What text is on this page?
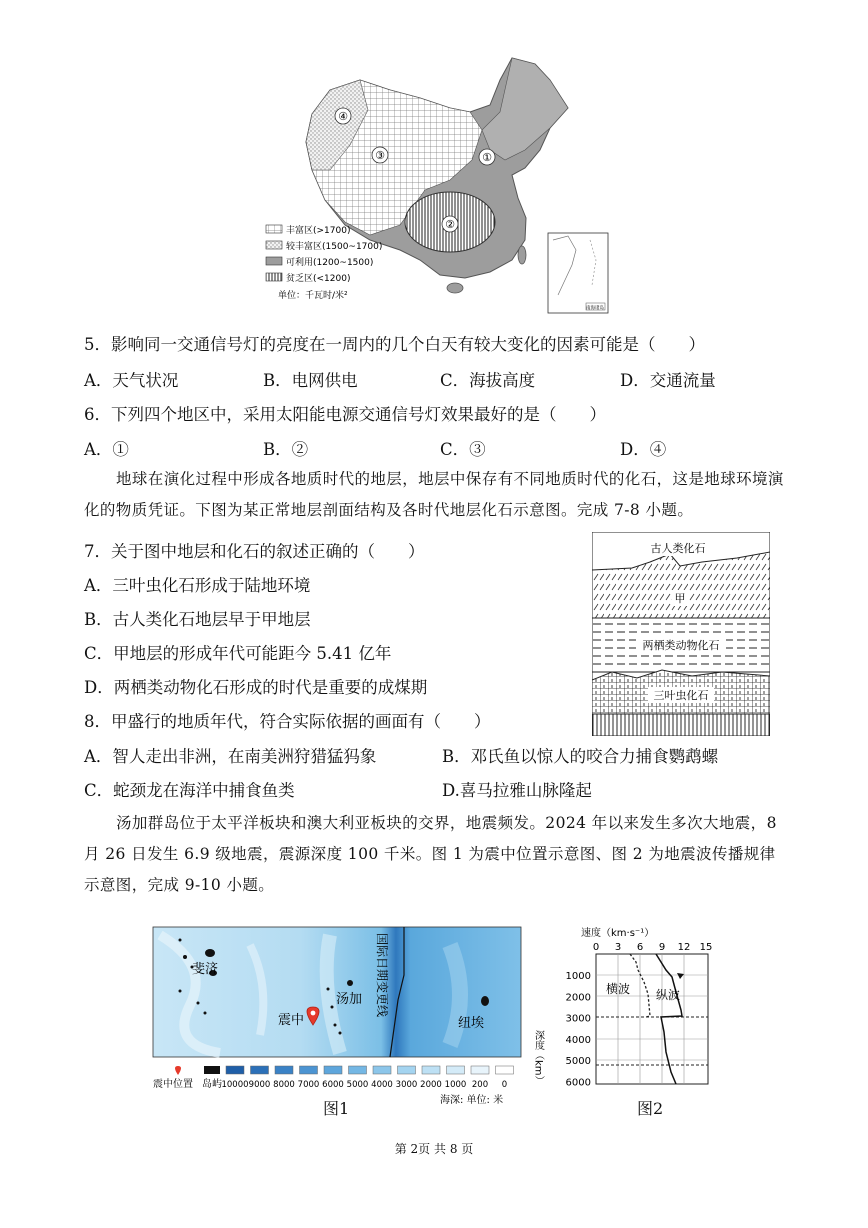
①
②
③
④
丰富区(>1700)
较丰富区(1500~1700)
可利用(1200~1500)
贫乏区(<1200)
单位：千瓦时/米²
南海诸岛
5．影响同一交通信号灯的亮度在一周内的几个白天有较大变化的因素可能是（　　）
A．天气状况	B．电网供电	C．海拔高度	D．交通流量
6．下列四个地区中，采用太阳能电源交通信号灯效果最好的是（　　）
A．①	B．②	C．③	D．④
地球在演化过程中形成各地质时代的地层，地层中保存有不同地质时代的化石，这是地球环境演化的物质凭证。下图为某正常地层剖面结构及各时代地层化石示意图。完成 7-8 小题。
古人类化石
甲
两栖类动物化石
三叶虫化石
7．关于图中地层和化石的叙述正确的（　　）
A．三叶虫化石形成于陆地环境
B．古人类化石地层早于甲地层
C．甲地层的形成年代可能距今 5.41 亿年
D．两栖类动物化石形成的时代是重要的成煤期
8．甲盛行的地质年代，符合实际依据的画面有（　　）
A．智人走出非洲，在南美洲狩猎猛犸象	B．邓氏鱼以惊人的咬合力捕食鹦鹉螺
C．蛇颈龙在海洋中捕食鱼类	D.喜马拉雅山脉隆起
汤加群岛位于太平洋板块和澳大利亚板块的交界，地震频发。2024 年以来发生多次大地震，8 月 26 日发生 6.9 级地震，震源深度 100 千米。图 1 为震中位置示意图、图 2 为地震波传播规律示意图，完成 9-10 小题。
国际日期变更线
斐济
汤加
纽埃
震中
震中位置 岛屿 10000 9000 8000 7000 6000 5000 4000 3000 2000 1000 200 0
海深: 单位: 米
图1
速度（km·s⁻¹）
0 3 6 9 12 15
横波 纵波
1000
2000
3000
4000
5000
6000
深度（km）
图2
第 2页 共 8 页
